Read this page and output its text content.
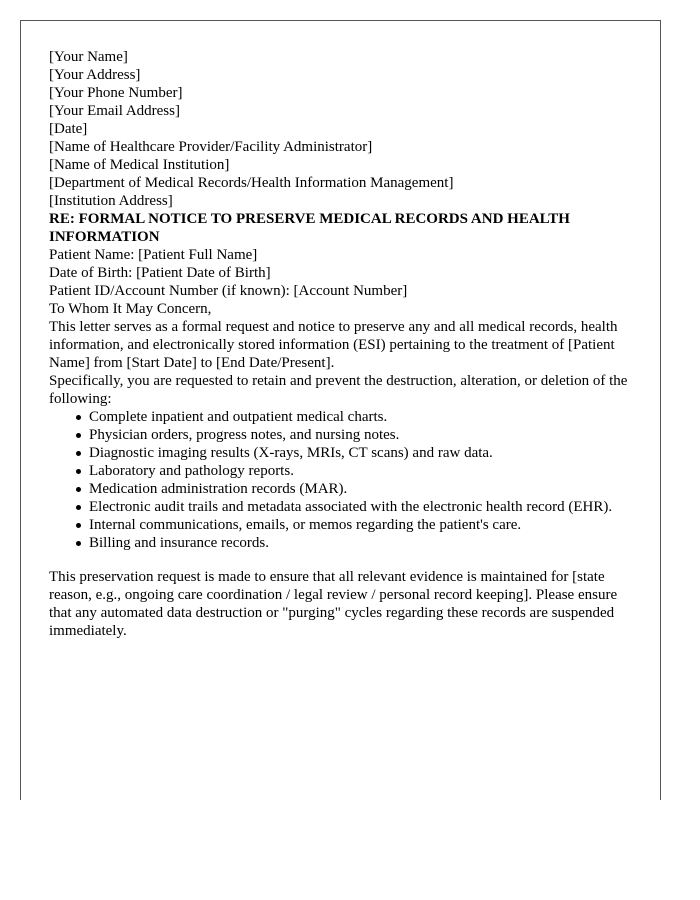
[Your Name]
[Your Address]
[Your Phone Number]
[Your Email Address]
[Date]
[Name of Healthcare Provider/Facility Administrator]
[Name of Medical Institution]
[Department of Medical Records/Health Information Management]
[Institution Address]
RE: FORMAL NOTICE TO PRESERVE MEDICAL RECORDS AND HEALTH INFORMATION
Patient Name: [Patient Full Name]
Date of Birth: [Patient Date of Birth]
Patient ID/Account Number (if known): [Account Number]

To Whom It May Concern,

This letter serves as a formal request and notice to preserve any and all medical records, health information, and electronically stored information (ESI) pertaining to the treatment of [Patient Name] from [Start Date] to [End Date/Present].

Specifically, you are requested to retain and prevent the destruction, alteration, or deletion of the following:

Complete inpatient and outpatient medical charts.
Physician orders, progress notes, and nursing notes.
Diagnostic imaging results (X-rays, MRIs, CT scans) and raw data.
Laboratory and pathology reports.
Medication administration records (MAR).
Electronic audit trails and metadata associated with the electronic health record (EHR).
Internal communications, emails, or memos regarding the patient's care.
Billing and insurance records.

This preservation request is made to ensure that all relevant evidence is maintained for [state reason, e.g., ongoing care coordination / legal review / personal record keeping]. Please ensure that any automated data destruction or "purging" cycles regarding these records are suspended immediately.
